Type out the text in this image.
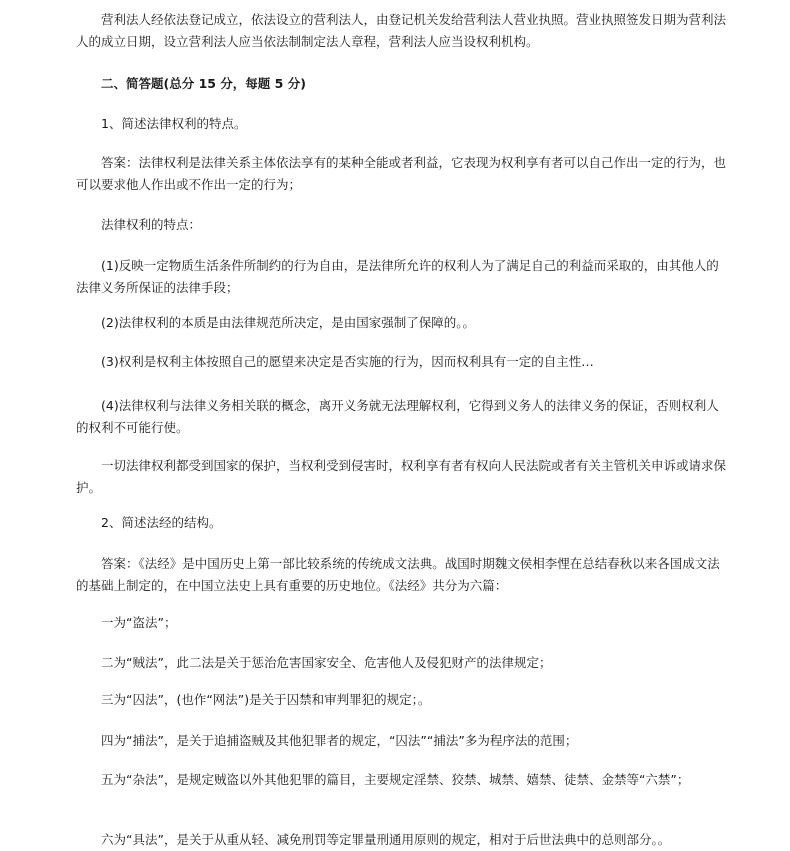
营利法人经依法登记成立，依法设立的营利法人，由登记机关发给营利法人营业执照。营业执照签发日期为营利法人的成立日期，设立营利法人应当依法制制定法人章程，营利法人应当设权利机构。
二、简答题(总分 15 分，每题 5 分)
1、简述法律权利的特点。
答案：法律权利是法律关系主体依法享有的某种全能或者利益，它表现为权利享有者可以自己作出一定的行为，也可以要求他人作出或不作出一定的行为；
法律权利的特点：
(1)反映一定物质生活条件所制约的行为自由，是法律所允许的权利人为了满足自己的利益而采取的，由其他人的法律义务所保证的法律手段；
(2)法律权利的本质是由法律规范所决定，是由国家强制了保障的。。
(3)权利是权利主体按照自己的愿望来决定是否实施的行为，因而权利具有一定的自主性…
(4)法律权利与法律义务相关联的概念，离开义务就无法理解权利，它得到义务人的法律义务的保证，否则权利人的权利不可能行使。
一切法律权利都受到国家的保护，当权利受到侵害时，权利享有者有权向人民法院或者有关主管机关申诉或请求保护。
2、简述法经的结构。
答案：《法经》是中国历史上第一部比较系统的传统成文法典。战国时期魏文侯相李悝在总结春秋以来各国成文法的基础上制定的，在中国立法史上具有重要的历史地位。《法经》共分为六篇：
一为“盗法”；
二为“贼法”，此二法是关于惩治危害国家安全、危害他人及侵犯财产的法律规定；
三为“囚法”，(也作“网法”)是关于囚禁和审判罪犯的规定；。
四为“捕法”，是关于追捕盗贼及其他犯罪者的规定，“囚法”“捕法”多为程序法的范围；
五为“杂法”，是规定贼盗以外其他犯罪的篇目，主要规定淫禁、狡禁、城禁、嬉禁、徒禁、金禁等“六禁”；
六为“具法”，是关于从重从轻、减免刑罚等定罪量刑通用原则的规定，相对于后世法典中的总则部分。。
